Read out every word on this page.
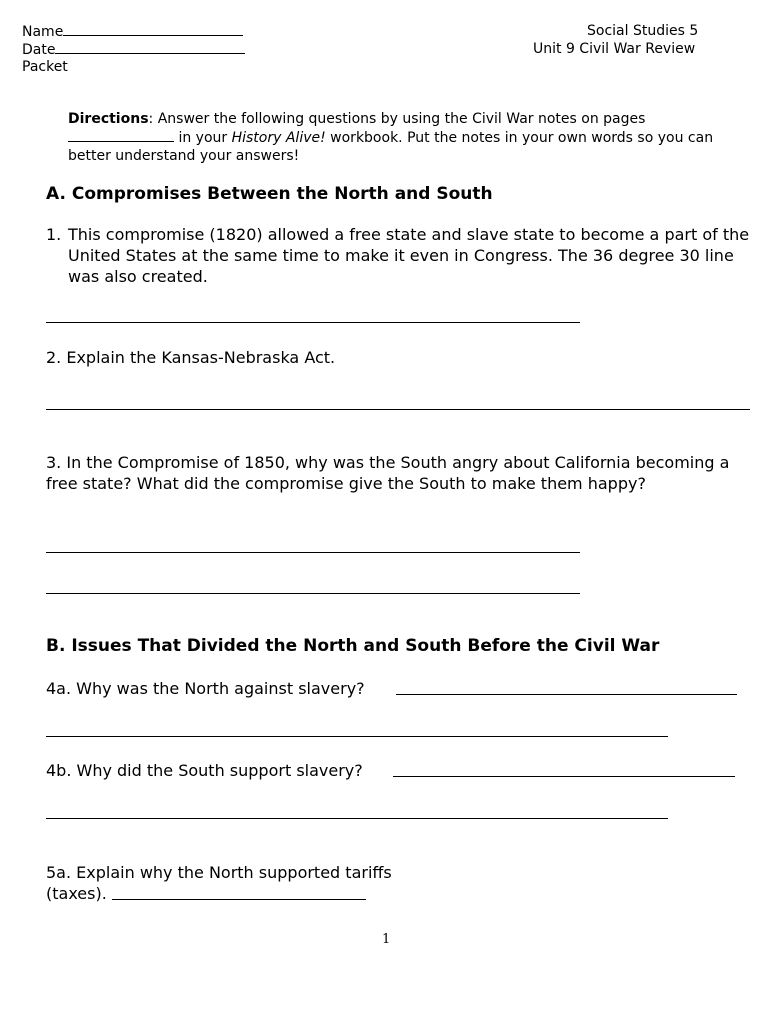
Name
Date
Packet
Social Studies 5
Unit 9 Civil War Review
Directions: Answer the following questions by using the Civil War notes on pages
in your History Alive! workbook. Put the notes in your own words so you can better understand your answers!
A. Compromises Between the North and South
1. This compromise (1820) allowed a free state and slave state to become a part of the United States at the same time to make it even in Congress. The 36 degree 30 line was also created.
2. Explain the Kansas-Nebraska Act.
3. In the Compromise of 1850, why was the South angry about California becoming a free state? What did the compromise give the South to make them happy?
B. Issues That Divided the North and South Before the Civil War
4a. Why was the North against slavery?
4b. Why did the South support slavery?
5a. Explain why the North supported tariffs
(taxes).
1
